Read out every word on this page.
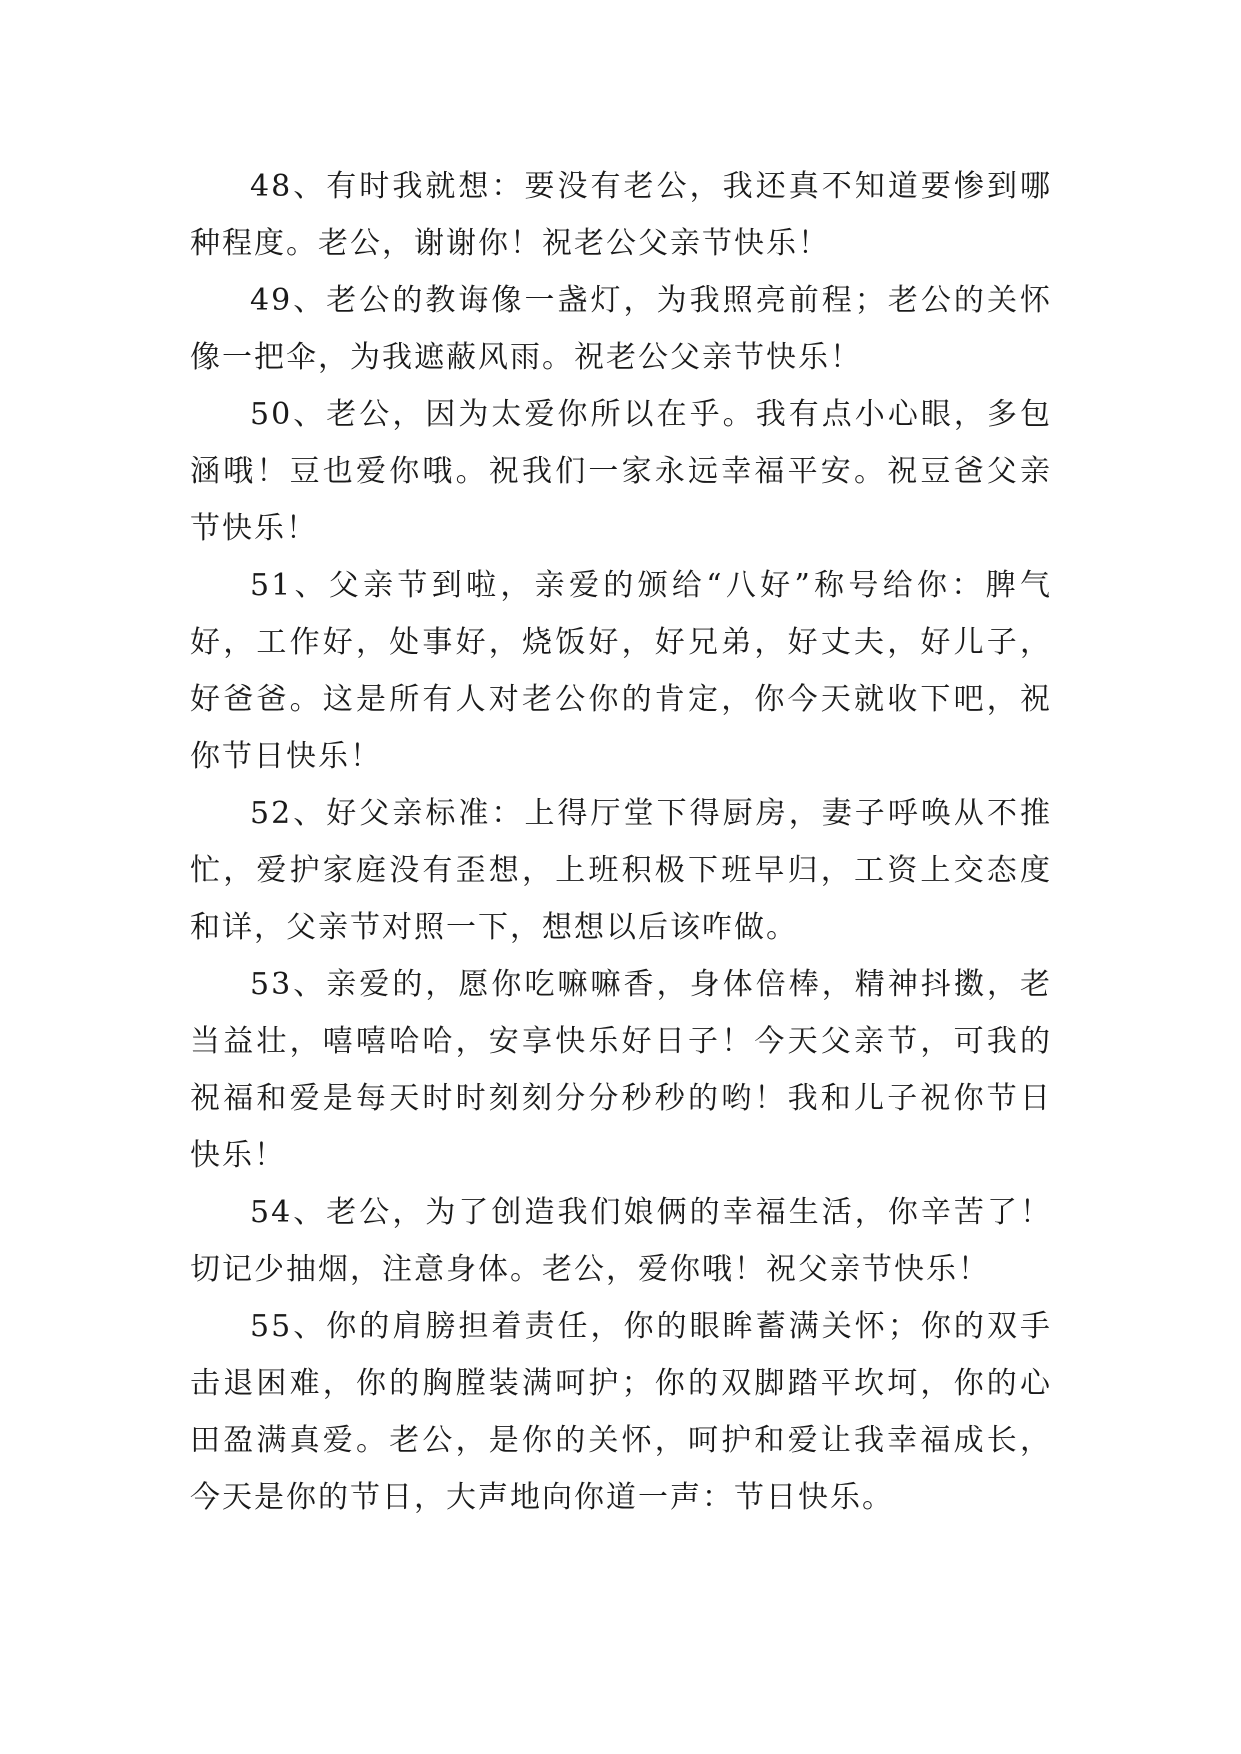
48、有时我就想：要没有老公，我还真不知道要惨到哪种程度。老公，谢谢你！祝老公父亲节快乐！

49、老公的教诲像一盏灯，为我照亮前程；老公的关怀像一把伞，为我遮蔽风雨。祝老公父亲节快乐！

50、老公，因为太爱你所以在乎。我有点小心眼，多包涵哦！豆也爱你哦。祝我们一家永远幸福平安。祝豆爸父亲节快乐！

51、父亲节到啦，亲爱的颁给“八好”称号给你：脾气好，工作好，处事好，烧饭好，好兄弟，好丈夫，好儿子，好爸爸。这是所有人对老公你的肯定，你今天就收下吧，祝你节日快乐！

52、好父亲标准：上得厅堂下得厨房，妻子呼唤从不推忙，爱护家庭没有歪想，上班积极下班早归，工资上交态度和详，父亲节对照一下，想想以后该咋做。

53、亲爱的，愿你吃嘛嘛香，身体倍棒，精神抖擞，老当益壮，嘻嘻哈哈，安享快乐好日子！今天父亲节，可我的祝福和爱是每天时时刻刻分分秒秒的哟！我和儿子祝你节日快乐！

54、老公，为了创造我们娘俩的幸福生活，你辛苦了！切记少抽烟，注意身体。老公，爱你哦！祝父亲节快乐！

55、你的肩膀担着责任，你的眼眸蓄满关怀；你的双手击退困难，你的胸膛装满呵护；你的双脚踏平坎坷，你的心田盈满真爱。老公，是你的关怀，呵护和爱让我幸福成长，今天是你的节日，大声地向你道一声：节日快乐。
